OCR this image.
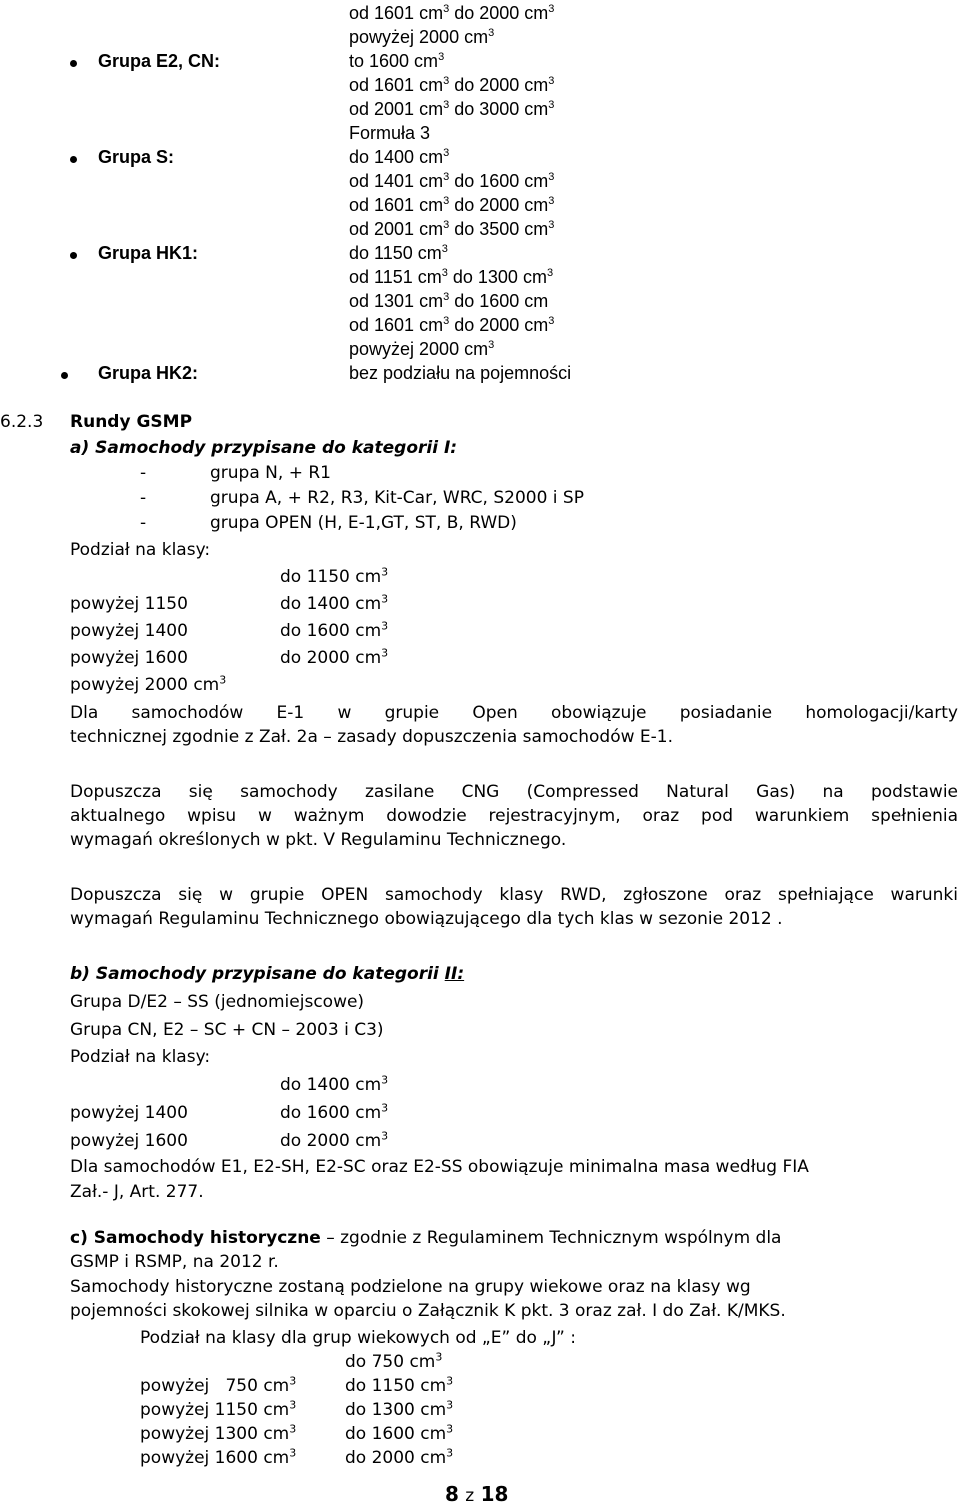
od 1601 $cm^3$ do 2000 $cm^3$
powyżej 2000 $cm^3$
Grupa E2, CN:	to 1600 $cm^3$
od 1601 $cm^3$ do 2000 $cm^3$
od 2001 $cm^3$ do 3000 $cm^3$
Formuła 3
Grupa S:	do 1400 $cm^3$
od 1401 $cm^3$ do 1600 $cm^3$
od 1601 $cm^3$ do 2000 $cm^3$
od 2001 $cm^3$ do 3500 $cm^3$
Grupa HK1:	do 1150 $cm^3$
od 1151 $cm^3$ do 1300 $cm^3$
od 1301 $cm^3$ do 1600 cm
od 1601 $cm^3$ do 2000 $cm^3$
powyżej 2000 $cm^3$
Grupa HK2:	bez podziału na pojemności
6.2.3 Rundy GSMP
a) Samochody przypisane do kategorii I:
-	grupa N, + R1
-	grupa A, + R2, R3, Kit-Car, WRC, S2000 i SP
-	grupa OPEN (H, E-1,GT, ST, B, RWD)
Podział na klasy:
do 1150 $cm^3$
powyżej 1150	do 1400 $cm^3$
powyżej 1400	do 1600 $cm^3$
powyżej 1600	do 2000 $cm^3$
powyżej 2000 $cm^3$
Dla samochodów E-1 w grupie Open obowiązuje posiadanie homologacji/karty
technicznej zgodnie z Zał. 2a – zasady dopuszczenia samochodów E-1.
Dopuszcza się samochody zasilane CNG (Compressed Natural Gas) na podstawie
aktualnego wpisu w ważnym dowodzie rejestracyjnym, oraz pod warunkiem spełnienia
wymagań określonych w pkt. V Regulaminu Technicznego.
Dopuszcza się w grupie OPEN samochody klasy RWD, zgłoszone oraz spełniające warunki
wymagań Regulaminu Technicznego obowiązującego dla tych klas w sezonie 2012 .
b) Samochody przypisane do kategorii II:
Grupa D/E2 – SS (jednomiejscowe)
Grupa CN, E2 – SC + CN – 2003 i C3)
Podział na klasy:
do 1400 $cm^3$
powyżej 1400	do 1600 $cm^3$
powyżej 1600	do 2000 $cm^3$
Dla samochodów E1, E2-SH, E2-SC oraz E2-SS obowiązuje minimalna masa według FIA
Zał.- J, Art. 277.
c) Samochody historyczne – zgodnie z Regulaminem Technicznym wspólnym dla
GSMP i RSMP, na 2012 r.
Samochody historyczne zostaną podzielone na grupy wiekowe oraz na klasy wg
pojemności skokowej silnika w oparciu o Załącznik K pkt. 3 oraz zał. I do Zał. K/MKS.
Podział na klasy dla grup wiekowych od „E” do „J” :
do 750 $cm^3$
powyżej   750 $cm^3$	do 1150 $cm^3$
powyżej 1150 $cm^3$	do 1300 $cm^3$
powyżej 1300 $cm^3$	do 1600 $cm^3$
powyżej 1600 $cm^3$	do 2000 $cm^3$
8 z 18
